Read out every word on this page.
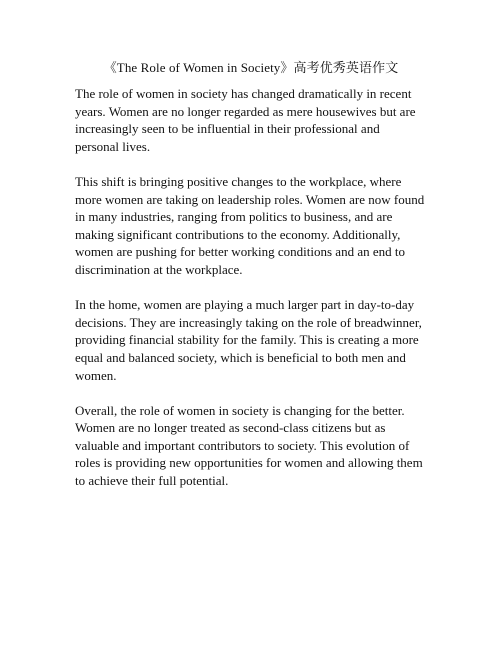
《The Role of Women in Society》高考优秀英语作文
The role of women in society has changed dramatically in recent
years. Women are no longer regarded as mere housewives but are
increasingly seen to be influential in their professional and
personal lives.
This shift is bringing positive changes to the workplace, where
more women are taking on leadership roles. Women are now found
in many industries, ranging from politics to business, and are
making significant contributions to the economy. Additionally,
women are pushing for better working conditions and an end to
discrimination at the workplace.
In the home, women are playing a much larger part in day-to-day
decisions. They are increasingly taking on the role of breadwinner,
providing financial stability for the family. This is creating a more
equal and balanced society, which is beneficial to both men and
women.
Overall, the role of women in society is changing for the better.
Women are no longer treated as second-class citizens but as
valuable and important contributors to society. This evolution of
roles is providing new opportunities for women and allowing them
to achieve their full potential.
